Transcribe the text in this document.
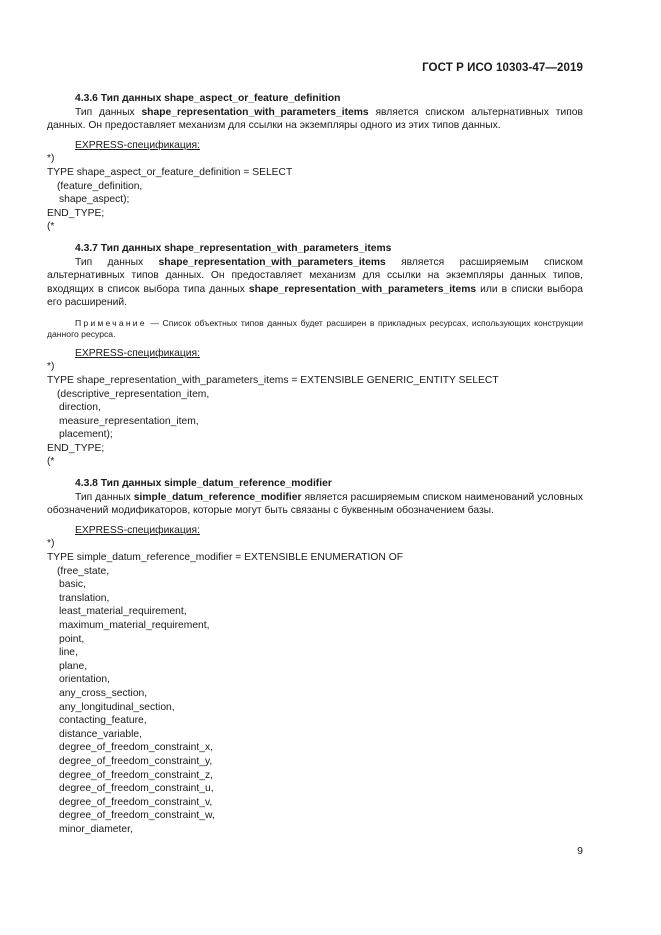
ГОСТ Р ИСО 10303-47—2019
4.3.6 Тип данных shape_aspect_or_feature_definition

Тип данных shape_representation_with_parameters_items является списком альтернативных типов данных. Он предоставляет механизм для ссылки на экземпляры одного из этих типов данных.

EXPRESS-спецификация:
*)
TYPE shape_aspect_or_feature_definition = SELECT
(feature_definition,
shape_aspect);
END_TYPE;
(*
4.3.7 Тип данных shape_representation_with_parameters_items

Тип данных shape_representation_with_parameters_items является расширяемым списком альтернативных типов данных. Он предоставляет механизм для ссылки на экземпляры данных типов, входящих в список выбора типа данных shape_representation_with_parameters_items или в списки выбора его расширений.

Примечание — Список объектных типов данных будет расширен в прикладных ресурсах, использующих конструкции данного ресурса.

EXPRESS-спецификация:
*)
TYPE shape_representation_with_parameters_items = EXTENSIBLE GENERIC_ENTITY SELECT
(descriptive_representation_item,
direction,
measure_representation_item,
placement);
END_TYPE;
(*
4.3.8 Тип данных simple_datum_reference_modifier

Тип данных simple_datum_reference_modifier является расширяемым списком наименований условных обозначений модификаторов, которые могут быть связаны с буквенным обозначением базы.

EXPRESS-спецификация:
*)
TYPE simple_datum_reference_modifier = EXTENSIBLE ENUMERATION OF
(free_state,
basic,
translation,
least_material_requirement,
maximum_material_requirement,
point,
line,
plane,
orientation,
any_cross_section,
any_longitudinal_section,
contacting_feature,
distance_variable,
degree_of_freedom_constraint_x,
degree_of_freedom_constraint_y,
degree_of_freedom_constraint_z,
degree_of_freedom_constraint_u,
degree_of_freedom_constraint_v,
degree_of_freedom_constraint_w,
minor_diameter,
9
